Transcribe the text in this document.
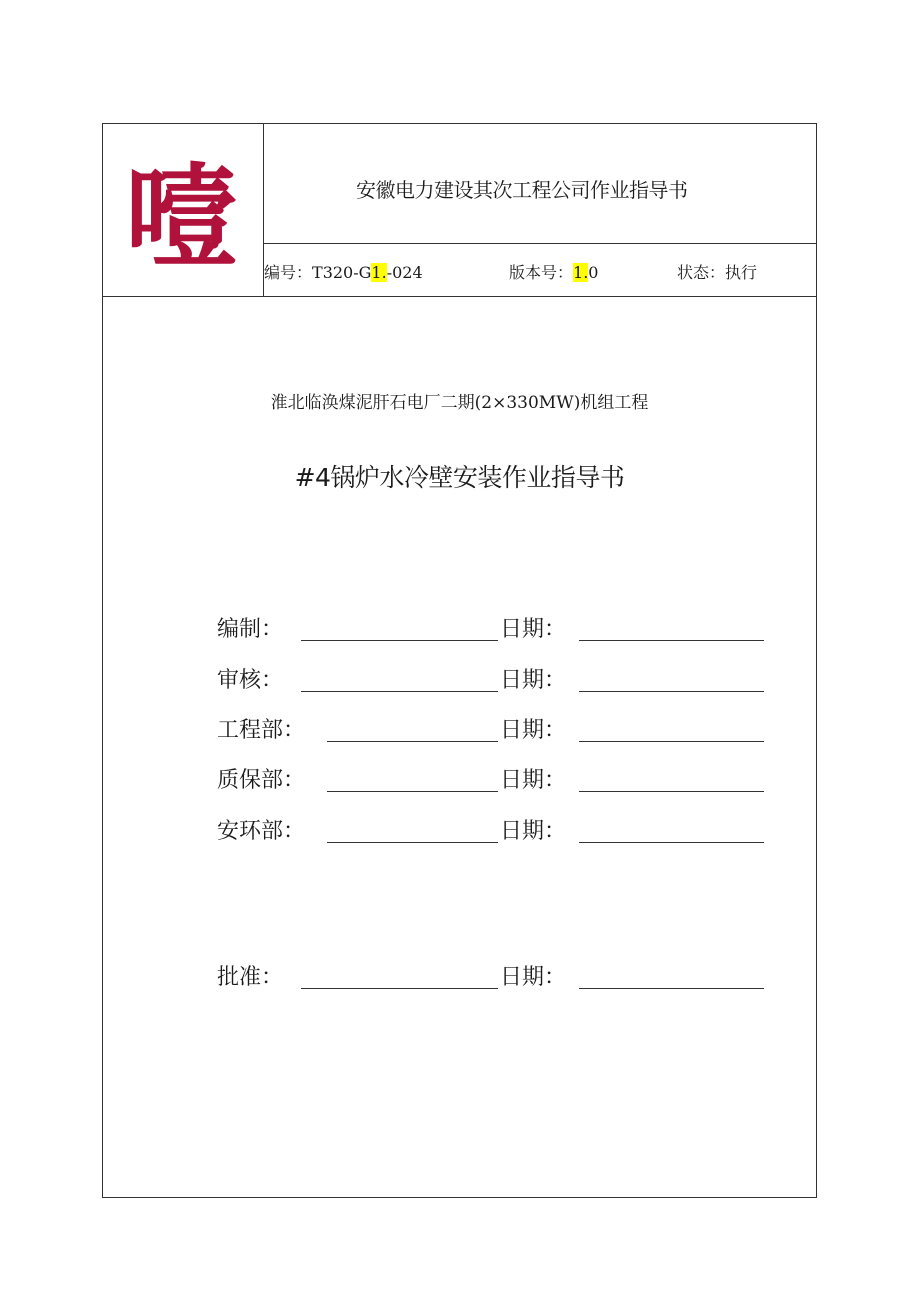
噎	安徽电力建设其次工程公司作业指导书
编号：T320-G1.-024	版本号：1.0	状态：执行
淮北临涣煤泥肝石电厂二期(2×330MW)机组工程
#4锅炉水冷壁安装作业指导书
编制：	日期：
审核：	日期：
工程部：	日期：
质保部：	日期：
安环部：	日期：
批准：	日期：
